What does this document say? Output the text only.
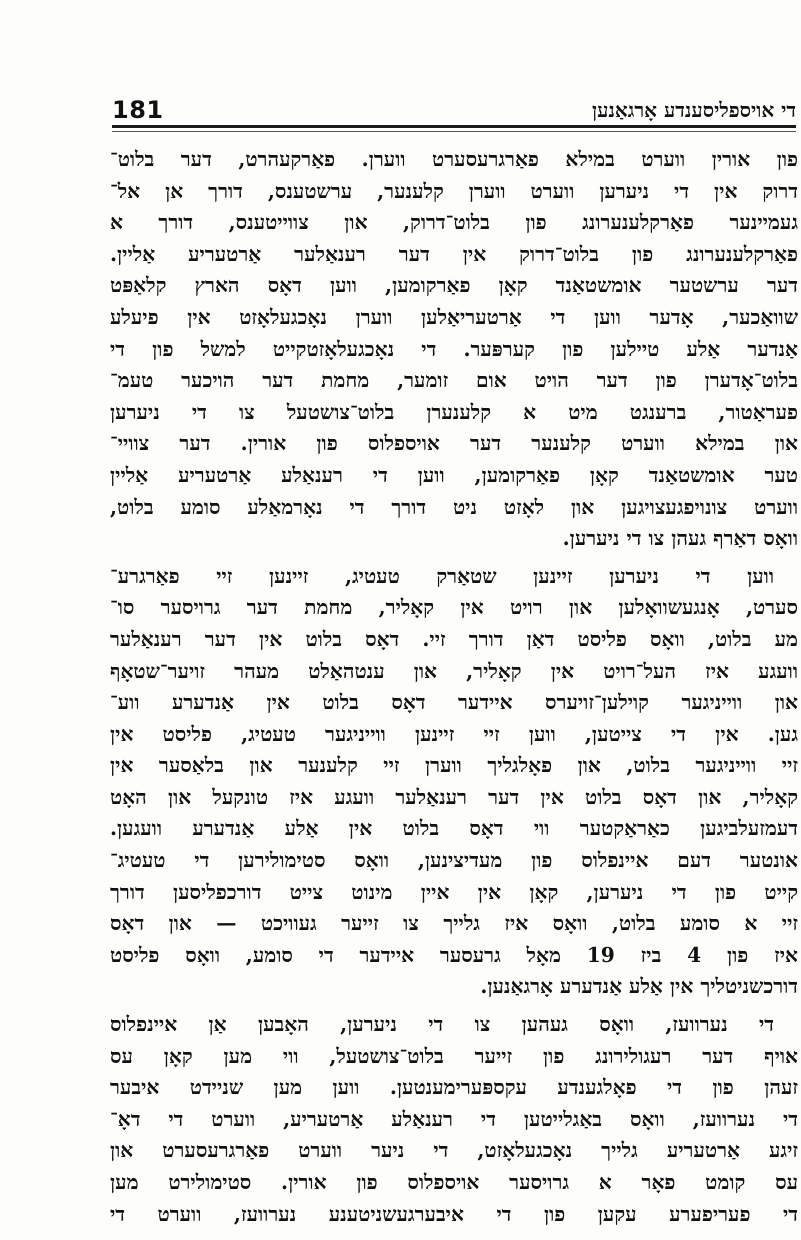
181	די אויספליסענדע אָרגאַנען
פון אורין ווערט במילא פאַרגרעסערט ווערן. פאַרקעהרט, דער בלוט־
דרוק אין די ניערען ווערט ווערן קלענער, ערשטענס, דורך אן אל־
געמיינער פאַרקלענערונג פון בלוט־דרוק, און צווייטענס, דורך א
פאַרקלענערונג פון בלוט־דרוק אין דער רענאַלער אַרטעריע אַליין.
דער ערשטער אומשטאַנד קאָן פאַרקומען, ווען דאָס הארץ קלאַפּט
שוואַכער, אָדער ווען די אַרטעריאַלען ווערן נאָכגעלאָזט אין פיעלע
אַנדער אַלע טיילען פון קערפּער. די נאָכגעלאָזטקייט למשל פון די
בלוט־אָדערן פון דער הויט אום זומער, מחמת דער הויכער טעמ־
פעראַטור, ברענגט מיט א קלענערן בלוט־צושטעל צו די ניערען
און במילא ווערט קלענער דער אויספלוס פון אורין. דער צוויי־
טער אומשטאַנד קאָן פאַרקומען, ווען די רענאַלע אַרטעריע אַליין
ווערט צונויפגעצויגען און לאָזט ניט דורך די נאָרמאַלע סומע בלוט,
וואָס דאַרף געהן צו די ניערען.
ווען די ניערען זיינען שטאַרק טעטיג, זיינען זיי פאַרגרע־
סערט, אָנגעשוואָלען און רויט אין קאָליר, מחמת דער גרויסער סו־
מע בלוט, וואָס פליסט דאַן דורך זיי. דאָס בלוט אין דער רענאַלער
וועגע איז העל־רויט אין קאָליר, און ענטהאַלט מעהר זויער־שטאָף
און ווייניגער קוילען־זויערס איידער דאָס בלוט אין אַנדערע ווע־
גען. אין די צייטען, ווען זיי זיינען ווייניגער טעטיג, פליסט אין
זיי ווייניגער בלוט, און פאָלגליך ווערן זיי קלענער און בלאַסער אין
קאָליר, און דאָס בלוט אין דער רענאַלער וועגע איז טונקעל און האָט
דעמזעלביגען כאַראַקטער ווי דאָס בלוט אין אַלע אַנדערע וועגען.
אונטער דעם איינפלוס פון מעדיצינען, וואָס סטימולירען די טעטיג־
קייט פון די ניערען, קאָן אין איין מינוט צייט דורכפליסען דורך
זיי א סומע בלוט, וואָס איז גלייך צו זייער געוויכט — און דאָס
איז פון 4 ביז 19 מאָל גרעסער איידער די סומע, וואָס פליסט
דורכשניטליך אין אַלע אַנדערע אָרגאַנען.
די נערוועז, וואָס געהען צו די ניערען, האָבען אַן איינפלוס
אויף דער רעגולירונג פון זייער בלוט־צושטעל, ווי מען קאָן עס
זעהן פון די פאָלגענדע עקספּערימענטען. ווען מען שניידט איבער
די נערוועז, וואָס באַגלייטען די רענאַלע אַרטעריע, ווערט די דאָ־
זיגע אַרטעריע גלייך נאָכגעלאָזט, די ניער ווערט פאַרגרעסערט און
עס קומט פאָר א גרויסער אויספלוס פון אורין. סטימולירט מען
די פעריפערע עקען פון די איבערגעשניטענע נערוועז, ווערט די
